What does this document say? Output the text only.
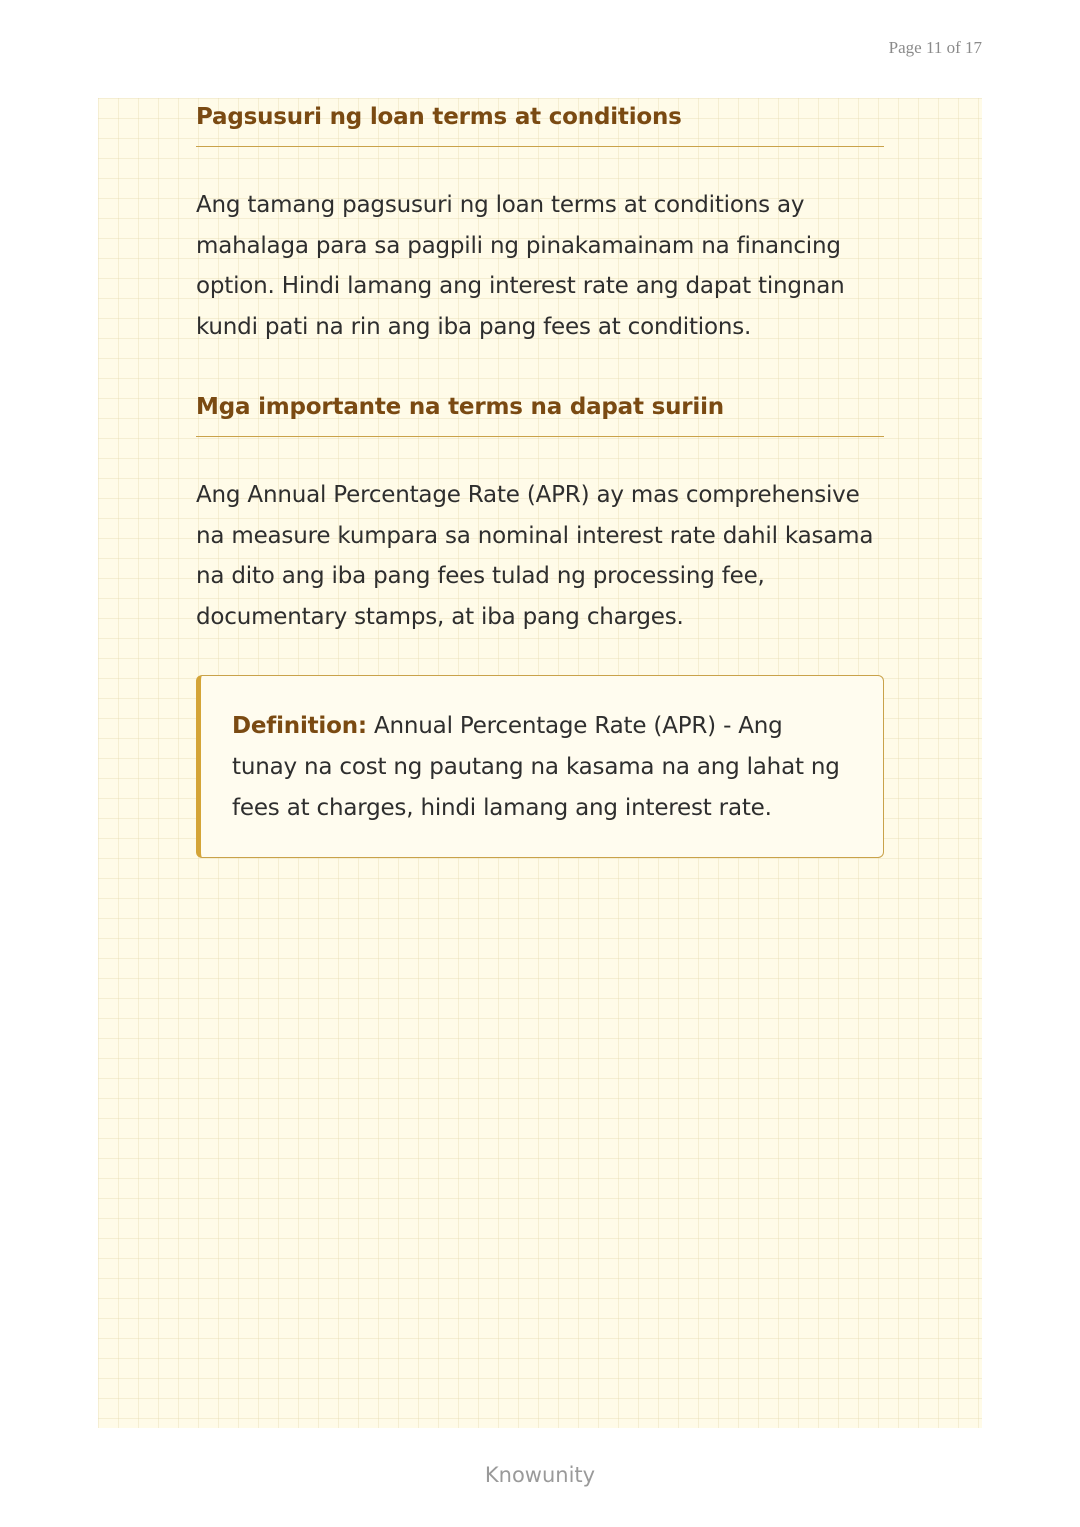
Page 11 of 17
Pagsusuri ng loan terms at conditions

Ang tamang pagsusuri ng loan terms at conditions ay mahalaga para sa pagpili ng pinakamainam na financing option. Hindi lamang ang interest rate ang dapat tingnan kundi pati na rin ang iba pang fees at conditions.

Mga importante na terms na dapat suriin

Ang Annual Percentage Rate (APR) ay mas comprehensive na measure kumpara sa nominal interest rate dahil kasama na dito ang iba pang fees tulad ng processing fee, documentary stamps, at iba pang charges.

Definition: Annual Percentage Rate (APR) - Ang tunay na cost ng pautang na kasama na ang lahat ng fees at charges, hindi lamang ang interest rate.

Knowunity
